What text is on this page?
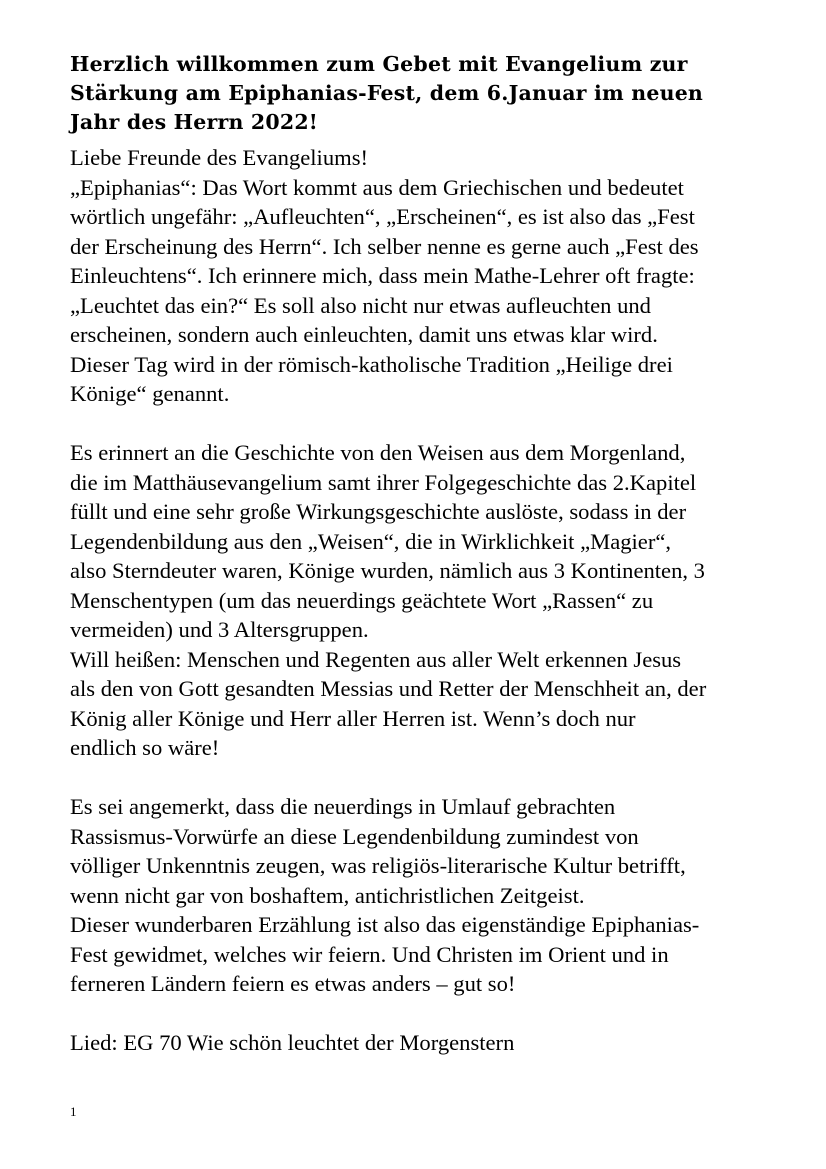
Herzlich willkommen zum Gebet mit Evangelium zur
Stärkung am Epiphanias-Fest, dem 6.Januar im neuen
Jahr des Herrn 2022!
Liebe Freunde des Evangeliums!
„Epiphanias“: Das Wort kommt aus dem Griechischen und bedeutet
wörtlich ungefähr: „Aufleuchten“, „Erscheinen“, es ist also das „Fest
der Erscheinung des Herrn“. Ich selber nenne es gerne auch „Fest des
Einleuchtens“. Ich erinnere mich, dass mein Mathe-Lehrer oft fragte:
„Leuchtet das ein?“ Es soll also nicht nur etwas aufleuchten und
erscheinen, sondern auch einleuchten, damit uns etwas klar wird.
Dieser Tag wird in der römisch-katholische Tradition „Heilige drei
Könige“ genannt.
Es erinnert an die Geschichte von den Weisen aus dem Morgenland,
die im Matthäusevangelium samt ihrer Folgegeschichte das 2.Kapitel
füllt und eine sehr große Wirkungsgeschichte auslöste, sodass in der
Legendenbildung aus den „Weisen“, die in Wirklichkeit „Magier“,
also Sterndeuter waren, Könige wurden, nämlich aus 3 Kontinenten, 3
Menschentypen (um das neuerdings geächtete Wort „Rassen“ zu
vermeiden) und 3 Altersgruppen.
Will heißen: Menschen und Regenten aus aller Welt erkennen Jesus
als den von Gott gesandten Messias und Retter der Menschheit an, der
König aller Könige und Herr aller Herren ist. Wenn’s doch nur
endlich so wäre!
Es sei angemerkt, dass die neuerdings in Umlauf gebrachten
Rassismus-Vorwürfe an diese Legendenbildung zumindest von
völliger Unkenntnis zeugen, was religiös-literarische Kultur betrifft,
wenn nicht gar von boshaftem, antichristlichen Zeitgeist.
Dieser wunderbaren Erzählung ist also das eigenständige Epiphanias-
Fest gewidmet, welches wir feiern. Und Christen im Orient und in
ferneren Ländern feiern es etwas anders – gut so!
Lied: EG 70 Wie schön leuchtet der Morgenstern
1
